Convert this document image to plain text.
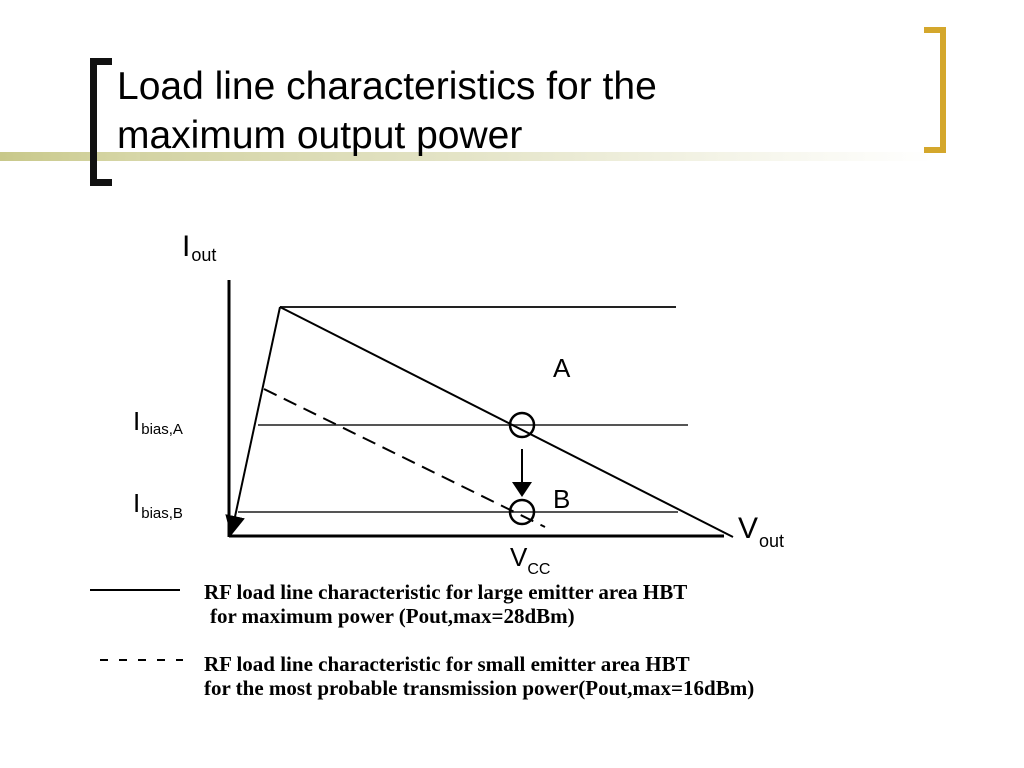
Load line characteristics for the
maximum output power
Iout
$V_{out}$
$V_{CC}$
Ibias,A
$I_{bias,B}$
A
B
RF load line characteristic for large emitter area HBT
for maximum power (Pout,max=28dBm)
RF load line characteristic for small emitter area HBT
for the most probable transmission power(Pout,max=16dBm)
